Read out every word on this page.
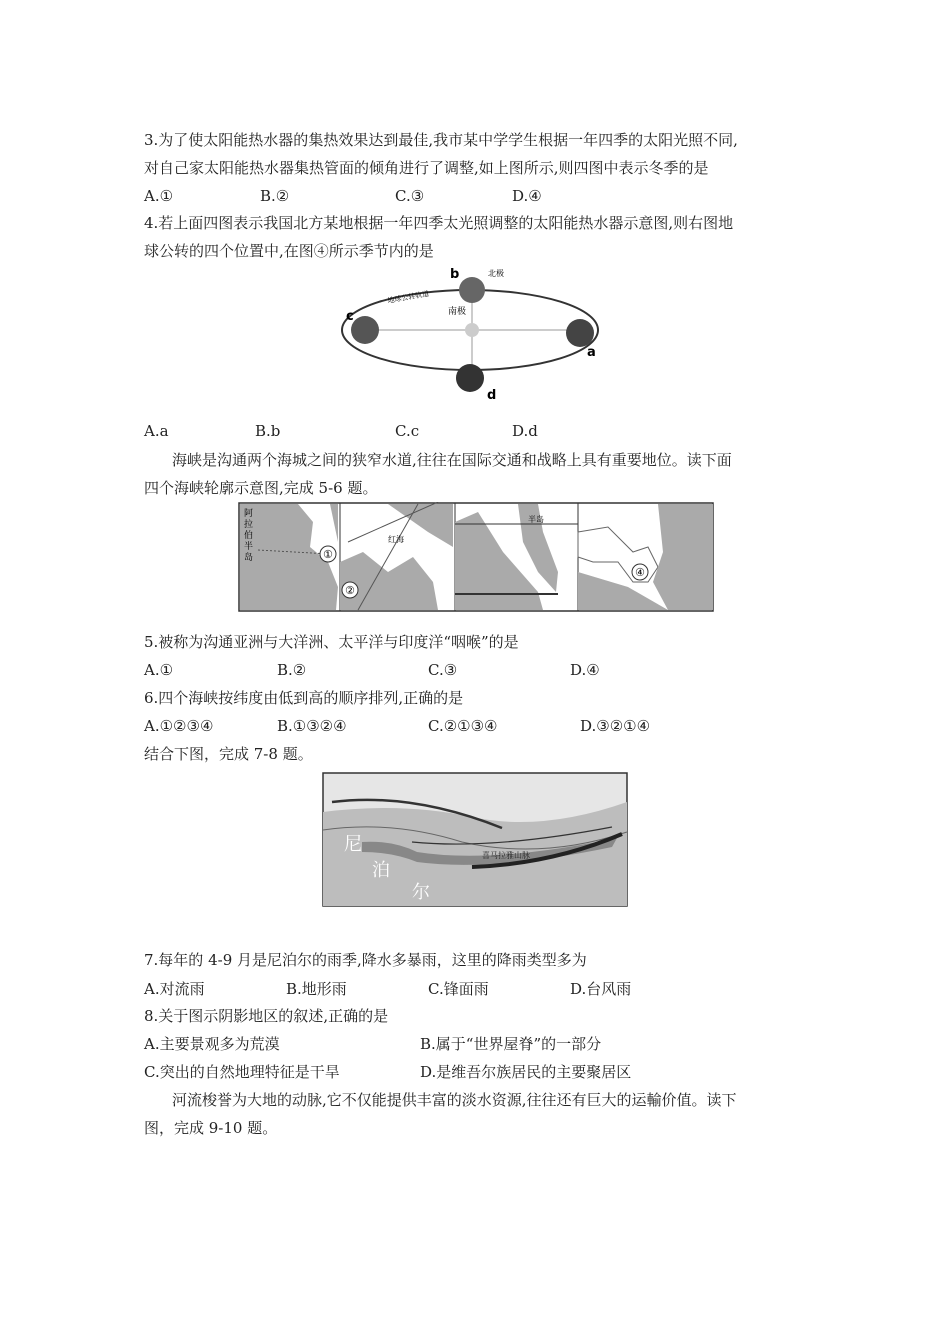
3.为了使太阳能热水器的集热效果达到最佳,我市某中学学生根据一年四季的太阳光照不同,
对自己家太阳能热水器集热管面的倾角进行了调整,如上图所示,则四图中表示冬季的是
A.①	B.②	C.③	D.④
4.若上面四图表示我国北方某地根据一年四季太光照调整的太阳能热水器示意图,则右图地
球公转的四个位置中,在图④所示季节内的是
c
a
b
d
北极
南极
地球公转轨道
A.a	B.b	C.c	D.d
海峡是沟通两个海城之间的狭窄水道,往往在国际交通和战略上具有重要地位。读下面
四个海峡轮廓示意图,完成 5-6 题。
阿拉伯半岛	①
红海
②
半岛
④
5.被称为沟通亚洲与大洋洲、太平洋与印度洋“咽喉”的是
A.①	B.②	C.③	D.④
6.四个海峡按纬度由低到高的顺序排列,正确的是
A.①②③④	B.①③②④	C.②①③④	D.③②①④
结合下图，完成 7-8 题。
尼
泊
尔
喜马拉雅山脉
7.每年的 4-9 月是尼泊尔的雨季,降水多暴雨，这里的降雨类型多为
A.对流雨	B.地形雨	C.锋面雨	D.台风雨
8.关于图示阴影地区的叙述,正确的是
A.主要景观多为荒漠	B.属于“世界屋脊”的一部分
C.突出的自然地理特征是干旱	D.是维吾尔族居民的主要聚居区
河流梭誉为大地的动脉,它不仅能提供丰富的淡水资源,往往还有巨大的运輸价值。读下
图，完成 9-10 题。
